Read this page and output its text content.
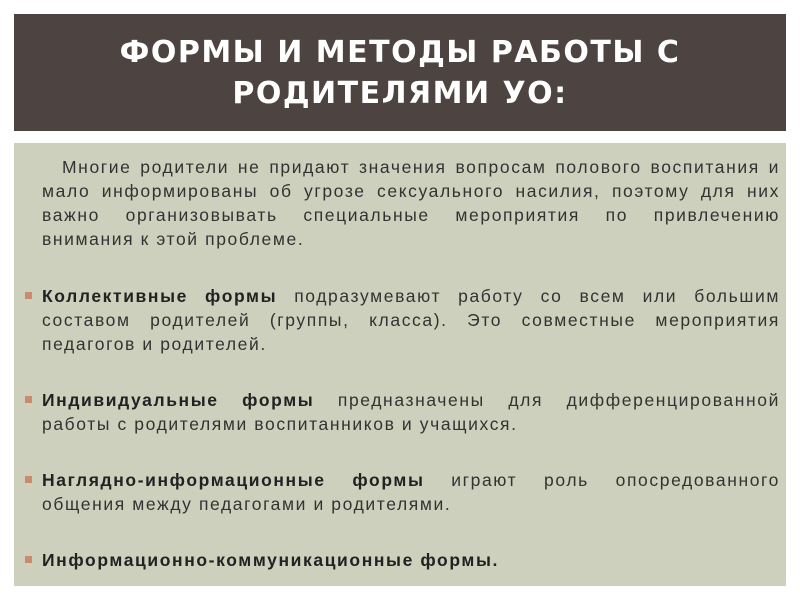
ФОРМЫ И МЕТОДЫ РАБОТЫ С РОДИТЕЛЯМИ УО:

Многие родители не придают значения вопросам полового воспитания и мало информированы об угрозе сексуального насилия, поэтому для них важно организовывать специальные мероприятия по привлечению внимания к этой проблеме.

Коллективные формы подразумевают работу со всем или большим составом родителей (группы, класса). Это совместные мероприятия педагогов и родителей.
Индивидуальные формы предназначены для дифференцированной работы с родителями воспитанников и учащихся.
Наглядно-информационные формы играют роль опосредованного общения между педагогами и родителями.
Информационно-коммуникационные формы.
